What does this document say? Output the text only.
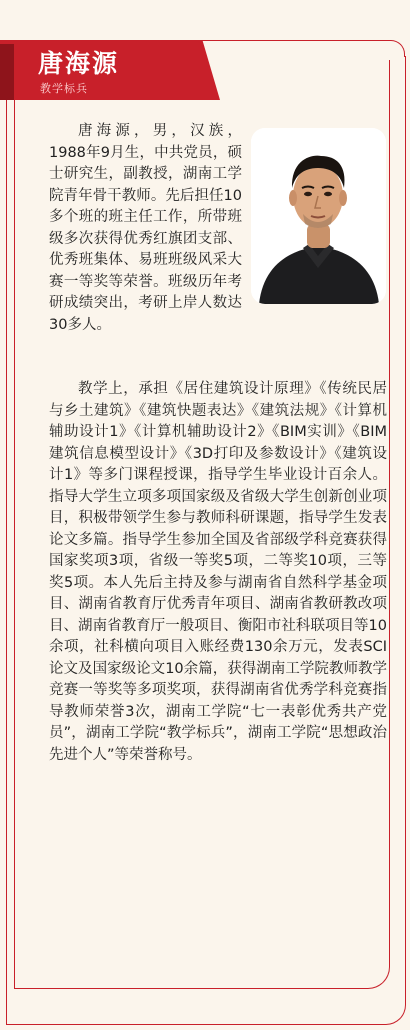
唐海源
教学标兵
唐海源，男，汉族，1988年9月生，中共党员，硕士研究生，副教授，湖南工学院青年骨干教师。先后担任10多个班的班主任工作，所带班级多次获得优秀红旗团支部、优秀班集体、易班班级风采大赛一等奖等荣誉。班级历年考研成绩突出，考研上岸人数达30多人。
教学上，承担《居住建筑设计原理》《传统民居与乡土建筑》《建筑快题表达》《建筑法规》《计算机辅助设计1》《计算机辅助设计2》《BIM实训》《BIM建筑信息模型设计》《3D打印及参数设计》《建筑设计1》等多门课程授课，指导学生毕业设计百余人。指导大学生立项多项国家级及省级大学生创新创业项目，积极带领学生参与教师科研课题，指导学生发表论文多篇。指导学生参加全国及省部级学科竞赛获得国家奖项3项，省级一等奖5项，二等奖10项，三等奖5项。本人先后主持及参与湖南省自然科学基金项目、湖南省教育厅优秀青年项目、湖南省教研教改项目、湖南省教育厅一般项目、衡阳市社科联项目等10余项，社科横向项目入账经费130余万元，发表SCI论文及国家级论文10余篇，获得湖南工学院教师教学竞赛一等奖等多项奖项，获得湖南省优秀学科竞赛指导教师荣誉3次，湖南工学院“七一表彰优秀共产党员”，湖南工学院“教学标兵”，湖南工学院“思想政治先进个人”等荣誉称号。
